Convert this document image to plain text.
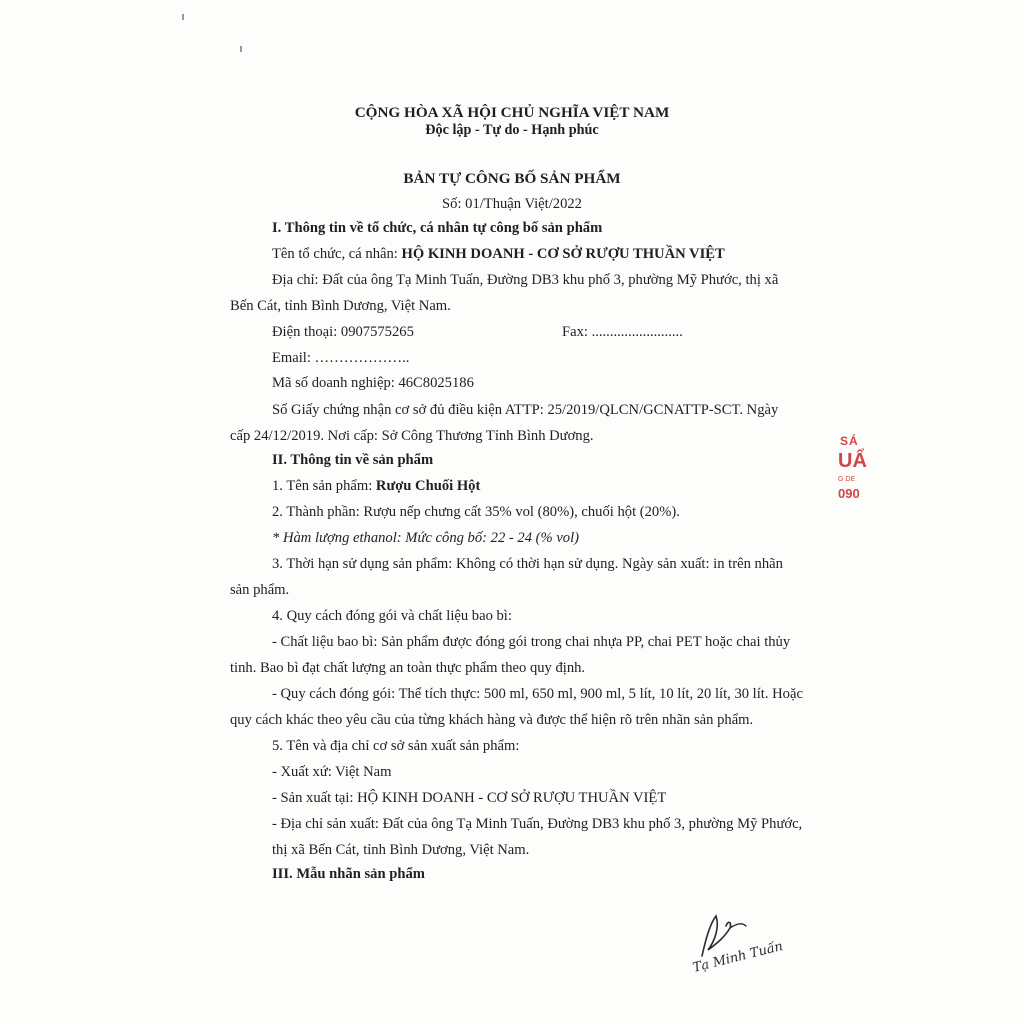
CỘNG HÒA XÃ HỘI CHỦ NGHĨA VIỆT NAM
Độc lập - Tự do - Hạnh phúc
BẢN TỰ CÔNG BỐ SẢN PHẨM
Số: 01/Thuận Việt/2022
I. Thông tin về tổ chức, cá nhân tự công bố sản phẩm
Tên tổ chức, cá nhân: HỘ KINH DOANH - CƠ SỞ RƯỢU THUẦN VIỆT
Địa chỉ: Đất của ông Tạ Minh Tuấn, Đường DB3 khu phố 3, phường Mỹ Phước, thị xã
Bến Cát, tỉnh Bình Dương, Việt Nam.
Điện thoại: 0907575265	Fax: .........................
Email: ………………..
Mã số doanh nghiệp: 46C8025186
Số Giấy chứng nhận cơ sở đủ điều kiện ATTP: 25/2019/QLCN/GCNATTP-SCT. Ngày
cấp 24/12/2019. Nơi cấp: Sở Công Thương Tỉnh Bình Dương.
II. Thông tin về sản phẩm
1. Tên sản phẩm: Rượu Chuối Hột
2. Thành phần: Rượu nếp chưng cất 35% vol (80%), chuối hột (20%).
* Hàm lượng ethanol: Mức công bố: 22 - 24 (% vol)
3. Thời hạn sử dụng sản phẩm: Không có thời hạn sử dụng. Ngày sản xuất: in trên nhãn
sản phẩm.
4. Quy cách đóng gói và chất liệu bao bì:
- Chất liệu bao bì: Sản phẩm được đóng gói trong chai nhựa PP, chai PET hoặc chai thủy
tinh. Bao bì đạt chất lượng an toàn thực phẩm theo quy định.
- Quy cách đóng gói: Thể tích thực: 500 ml, 650 ml, 900 ml, 5 lít, 10 lít, 20 lít, 30 lít. Hoặc
quy cách khác theo yêu cầu của từng khách hàng và được thể hiện rõ trên nhãn sản phẩm.
5. Tên và địa chỉ cơ sở sản xuất sản phẩm:
- Xuất xứ: Việt Nam
- Sản xuất tại: HỘ KINH DOANH - CƠ SỞ RƯỢU THUẦN VIỆT
- Địa chỉ sản xuất: Đất của ông Tạ Minh Tuấn, Đường DB3 khu phố 3, phường Mỹ Phước,
thị xã Bến Cát, tỉnh Bình Dương, Việt Nam.
III. Mẫu nhãn sản phẩm
SÁ
UẨ
G DE
090
Tạ Minh Tuấn
